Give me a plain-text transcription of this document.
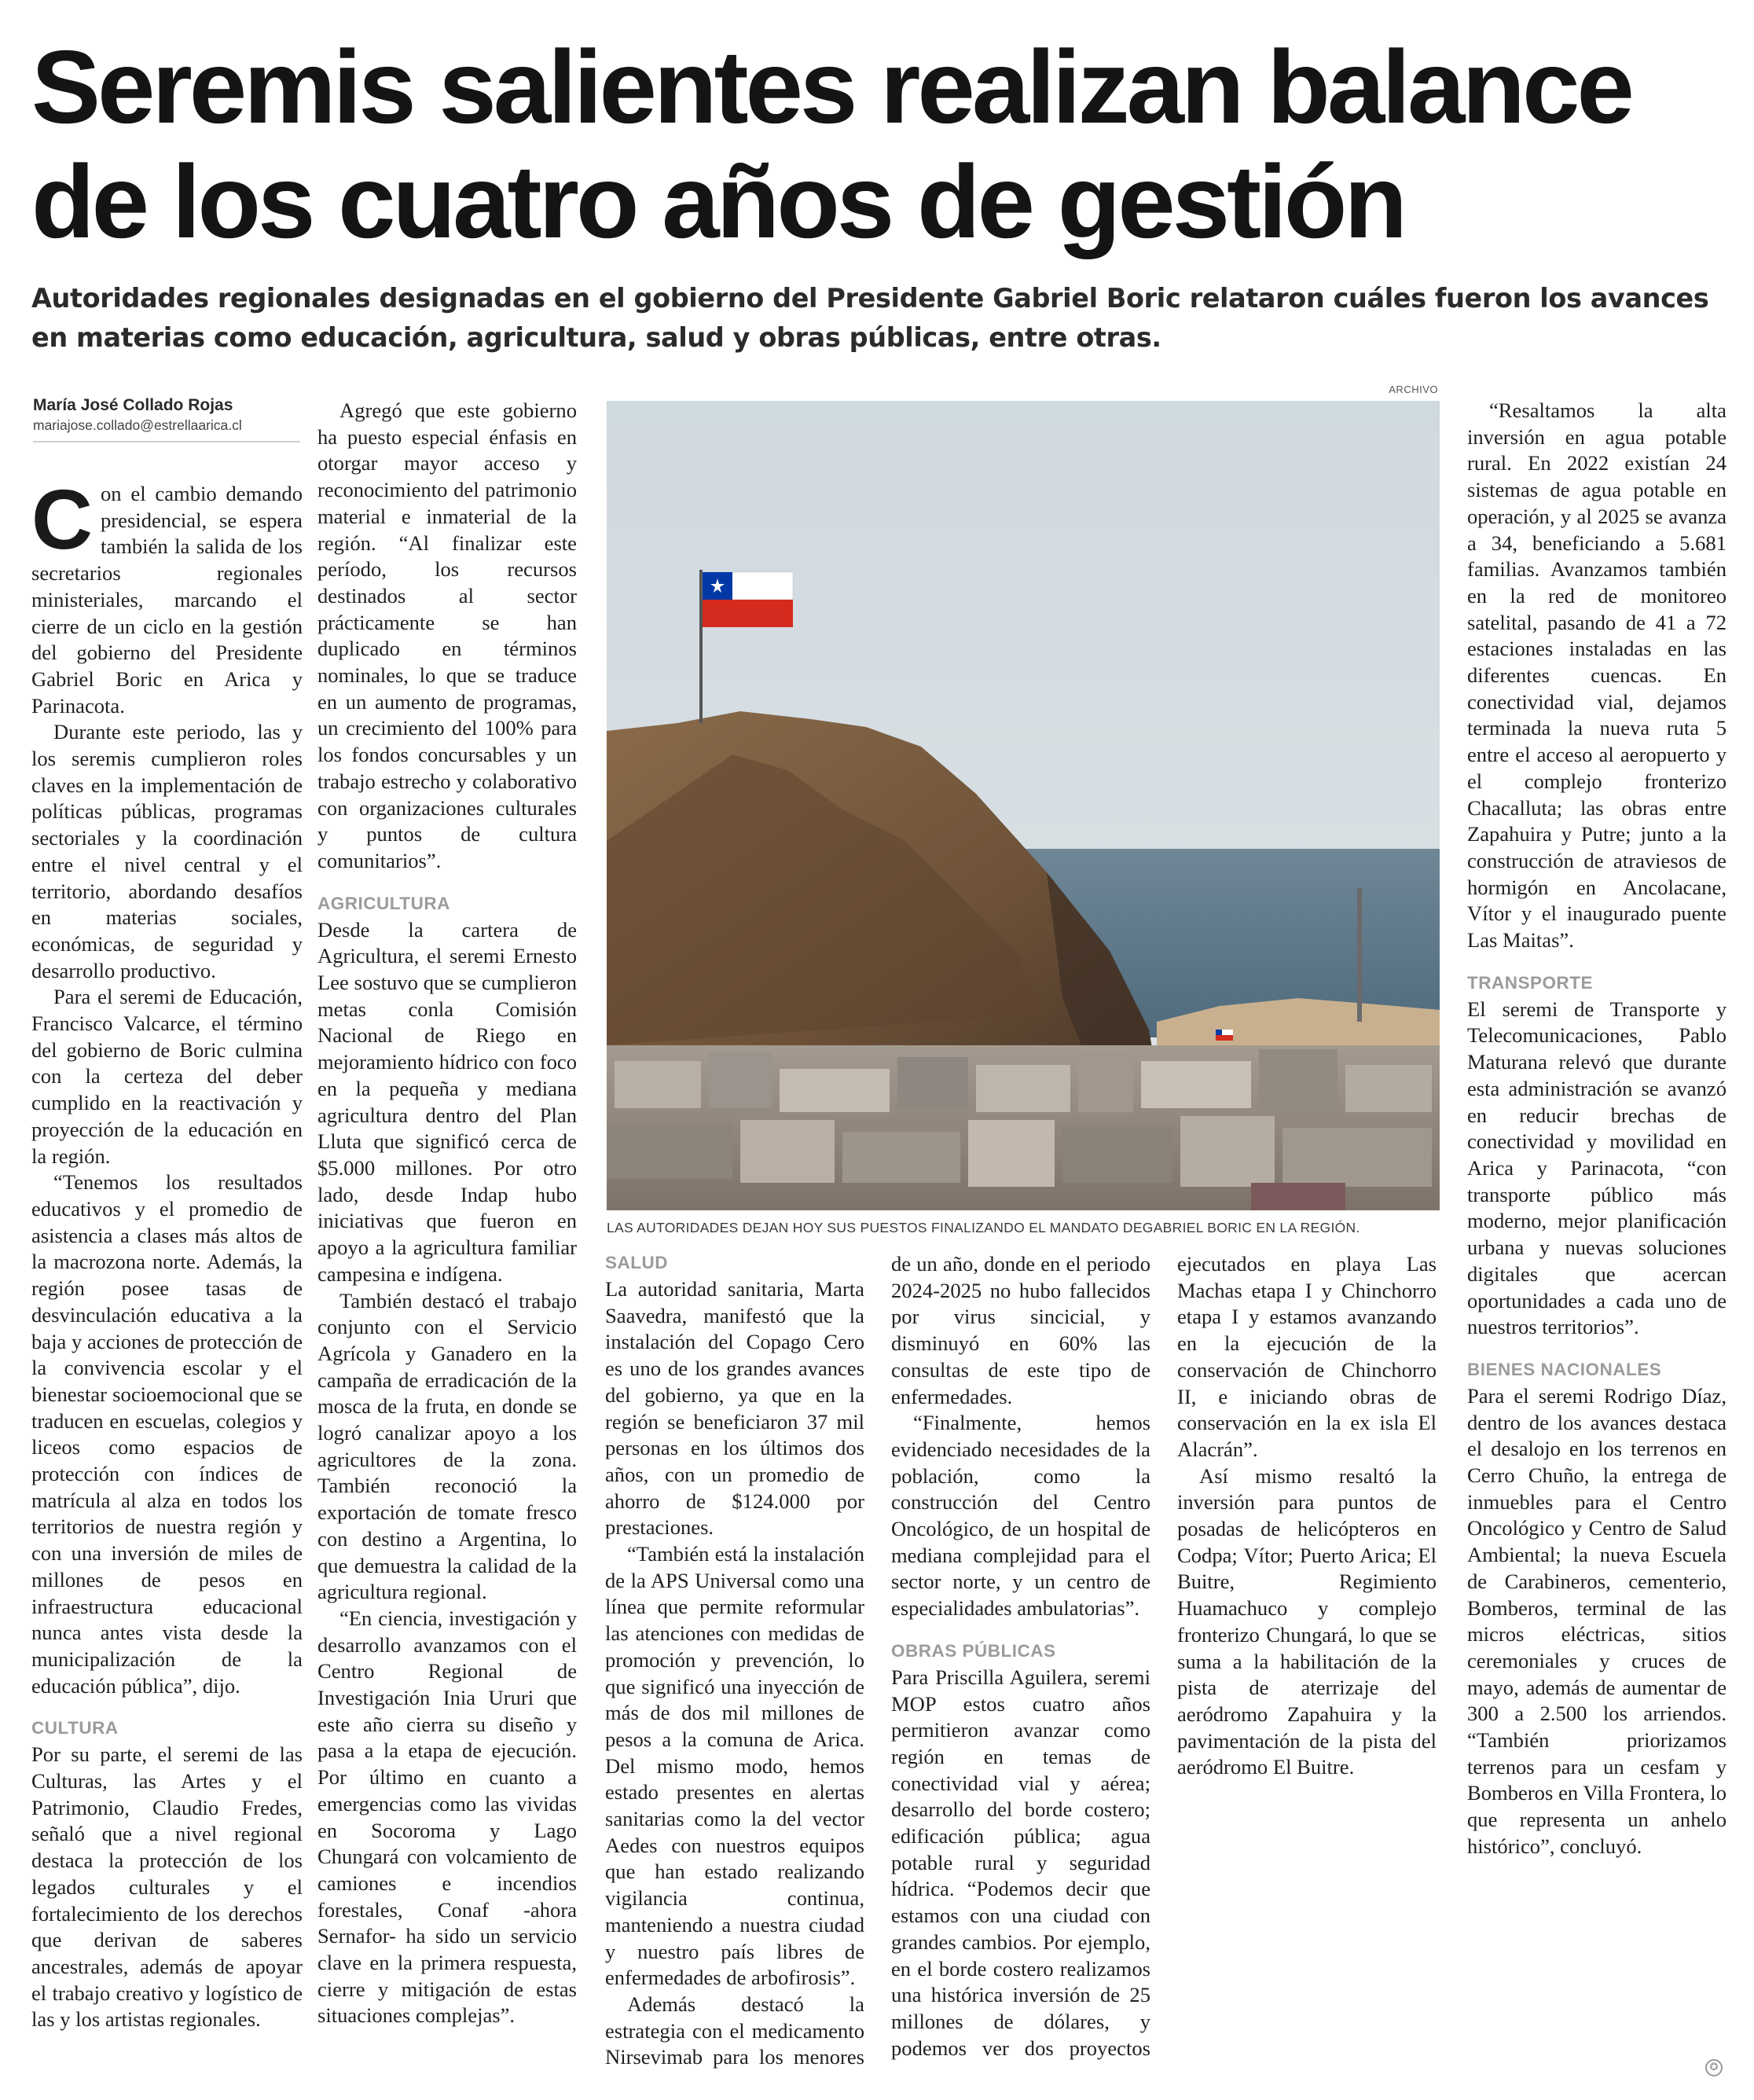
Seremis salientes realizan balance
de los cuatro años de gestión

Autoridades regionales designadas en el gobierno del Presidente Gabriel Boric relataron cuáles fueron los avances en materias como educación, agricultura, salud y obras públicas, entre otras.

María José Collado Rojas
mariajose.collado@estrellaarica.cl

Con el cambio demando presidencial, se espera también la salida de los secretarios regionales ministeriales, marcando el cierre de un ciclo en la gestión del gobierno del Presidente Gabriel Boric en Arica y Parinacota.

Durante este periodo, las y los seremis cumplieron roles claves en la implementación de políticas públicas, programas sectoriales y la coordinación entre el nivel central y el territorio, abordando desafíos en materias sociales, económicas, de seguridad y desarrollo productivo.

Para el seremi de Educación, Francisco Valcarce, el término del gobierno de Boric culmina con la certeza del deber cumplido en la reactivación y proyección de la educación en la región.

“Tenemos los resultados educativos y el promedio de asistencia a clases más altos de la macrozona norte. Además, la región posee tasas de desvinculación educativa a la baja y acciones de protección de la convivencia escolar y el bienestar socioemocional que se traducen en escuelas, colegios y liceos como espacios de protección con índices de matrícula al alza en todos los territorios de nuestra región y con una inversión de miles de millones de pesos en infraestructura educacional nunca antes vista desde la municipalización de la educación pública”, dijo.

CULTURA

Por su parte, el seremi de las Culturas, las Artes y el Patrimonio, Claudio Fredes, señaló que a nivel regional destaca la protección de los legados culturales y el fortalecimiento de los derechos que derivan de saberes ancestrales, además de apoyar el trabajo creativo y logístico de las y los artistas regionales.

Agregó que este gobierno ha puesto especial énfasis en otorgar mayor acceso y reconocimiento del patrimonio material e inmaterial de la región. “Al finalizar este período, los recursos destinados al sector prácticamente se han duplicado en términos nominales, lo que se traduce en un aumento de programas, un crecimiento del 100% para los fondos concursables y un trabajo estrecho y colaborativo con organizaciones culturales y puntos de cultura comunitarios”.

AGRICULTURA

Desde la cartera de Agricultura, el seremi Ernesto Lee sostuvo que se cumplieron metas conla Comisión Nacional de Riego en mejoramiento hídrico con foco en la pequeña y mediana agricultura dentro del Plan Lluta que significó cerca de $5.000 millones. Por otro lado, desde Indap hubo iniciativas que fueron en apoyo a la agricultura familiar campesina e indígena.

También destacó el trabajo conjunto con el Servicio Agrícola y Ganadero en la campaña de erradicación de la mosca de la fruta, en donde se logró canalizar apoyo a los agricultores de la zona. También reconoció la exportación de tomate fresco con destino a Argentina, lo que demuestra la calidad de la agricultura regional.

“En ciencia, investigación y desarrollo avanzamos con el Centro Regional de Investigación Inia Ururi que este año cierra su diseño y pasa a la etapa de ejecución. Por último en cuanto a emergencias como las vividas en Socoroma y Lago Chungará con volcamiento de camiones e incendios forestales, Conaf -ahora Sernafor- ha sido un servicio clave en la primera respuesta, cierre y mitigación de estas situaciones complejas”.

ARCHIVO

LAS AUTORIDADES DEJAN HOY SUS PUESTOS FINALIZANDO EL MANDATO DEGABRIEL BORIC EN LA REGIÓN.

“Resaltamos la alta inversión en agua potable rural. En 2022 existían 24 sistemas de agua potable en operación, y al 2025 se avanza a 34, beneficiando a 5.681 familias. Avanzamos también en la red de monitoreo satelital, pasando de 41 a 72 estaciones instaladas en las diferentes cuencas. En conectividad vial, dejamos terminada la nueva ruta 5 entre el acceso al aeropuerto y el complejo fronterizo Chacalluta; las obras entre Zapahuira y Putre; junto a la construcción de atraviesos de hormigón en Ancolacane, Vítor y el inaugurado puente Las Maitas”.

TRANSPORTE

El seremi de Transporte y Telecomunicaciones, Pablo Maturana relevó que durante esta administración se avanzó en reducir brechas de conectividad y movilidad en Arica y Parinacota, “con transporte público más moderno, mejor planificación urbana y nuevas soluciones digitales que acercan oportunidades a cada uno de nuestros territorios”.

BIENES NACIONALES

Para el seremi Rodrigo Díaz, dentro de los avances destaca el desalojo en los terrenos en Cerro Chuño, la entrega de inmuebles para el Centro Oncológico y Centro de Salud Ambiental; la nueva Escuela de Carabineros, cementerio, Bomberos, terminal de las micros eléctricas, sitios ceremoniales y cruces de mayo, además de aumentar de 300 a 2.500 los arriendos. “También priorizamos terrenos para un cesfam y Bomberos en Villa Frontera, lo que representa un anhelo histórico”, concluyó.

✪
SALUD

La autoridad sanitaria, Marta Saavedra, manifestó que la instalación del Copago Cero es uno de los grandes avances del gobierno, ya que en la región se beneficiaron 37 mil personas en los últimos dos años, con un promedio de ahorro de $124.000 por prestaciones.

“También está la instalación de la APS Universal como una línea que permite reformular las atenciones con medidas de promoción y prevención, lo que significó una inyección de más de dos mil millones de pesos a la comuna de Arica. Del mismo modo, hemos estado presentes en alertas sanitarias como la del vector Aedes con nuestros equipos que han estado realizando vigilancia continua, manteniendo a nuestra ciudad y nuestro país libres de enfermedades de arbofirosis”.

Además destacó la estrategia con el medicamento Nirsevimab para los menores de un año, donde en el periodo 2024-2025 no hubo fallecidos por virus sincicial, y disminuyó en 60% las consultas de este tipo de enfermedades.

“Finalmente, hemos evidenciado necesidades de la población, como la construcción del Centro Oncológico, de un hospital de mediana complejidad para el sector norte, y un centro de especialidades ambulatorias”.

OBRAS PÚBLICAS

Para Priscilla Aguilera, seremi MOP estos cuatro años permitieron avanzar como región en temas de conectividad vial y aérea; desarrollo del borde costero; edificación pública; agua potable rural y seguridad hídrica. “Podemos decir que estamos con una ciudad con grandes cambios. Por ejemplo, en el borde costero realizamos una histórica inversión de 25 millones de dólares, y podemos ver dos proyectos ejecutados en playa Las Machas etapa I y Chinchorro etapa I y estamos avanzando en la ejecución de la conservación de Chinchorro II, e iniciando obras de conservación en la ex isla El Alacrán”.

Así mismo resaltó la inversión para puntos de posadas de helicópteros en Codpa; Vítor; Puerto Arica; El Buitre, Regimiento Huamachuco y complejo fronterizo Chungará, lo que se suma a la habilitación de la pista de aterrizaje del aeródromo Zapahuira y la pavimentación de la pista del aeródromo El Buitre.
